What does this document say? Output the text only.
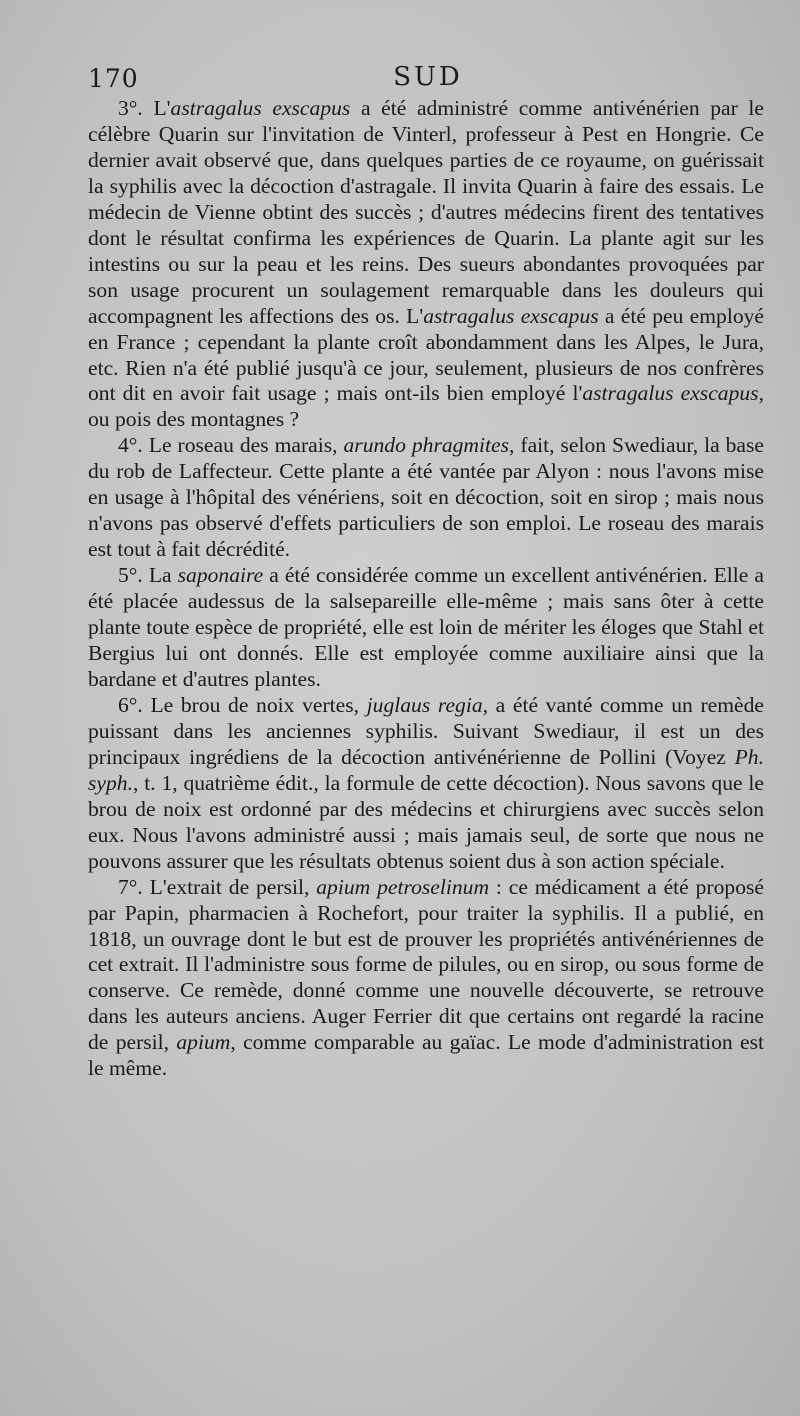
170	SUD

3°. L'astragalus exscapus a été administré comme antivénérien par le célèbre Quarin sur l'invitation de Vinterl, professeur à Pest en Hongrie. Ce dernier avait observé que, dans quelques parties de ce royaume, on guérissait la syphilis avec la décoction d'astragale. Il invita Quarin à faire des essais. Le médecin de Vienne obtint des succès ; d'autres médecins firent des tentatives dont le résultat confirma les expériences de Quarin. La plante agit sur les intestins ou sur la peau et les reins. Des sueurs abondantes provoquées par son usage procurent un soulagement remarquable dans les douleurs qui accompagnent les affections des os. L'astragalus exscapus a été peu employé en France ; cependant la plante croît abondamment dans les Alpes, le Jura, etc. Rien n'a été publié jusqu'à ce jour, seulement, plusieurs de nos confrères ont dit en avoir fait usage ; mais ont-ils bien employé l'astragalus exscapus, ou pois des montagnes ?

4°. Le roseau des marais, arundo phragmites, fait, selon Swediaur, la base du rob de Laffecteur. Cette plante a été vantée par Alyon : nous l'avons mise en usage à l'hôpital des vénériens, soit en décoction, soit en sirop ; mais nous n'avons pas observé d'effets particuliers de son emploi. Le roseau des marais est tout à fait décrédité.

5°. La saponaire a été considérée comme un excellent antivénérien. Elle a été placée audessus de la salsepareille elle-même ; mais sans ôter à cette plante toute espèce de propriété, elle est loin de mériter les éloges que Stahl et Bergius lui ont donnés. Elle est employée comme auxiliaire ainsi que la bardane et d'autres plantes.

6°. Le brou de noix vertes, juglaus regia, a été vanté comme un remède puissant dans les anciennes syphilis. Suivant Swediaur, il est un des principaux ingrédiens de la décoction antivénérienne de Pollini (Voyez Ph. syph., t. 1, quatrième édit., la formule de cette décoction). Nous savons que le brou de noix est ordonné par des médecins et chirurgiens avec succès selon eux. Nous l'avons administré aussi ; mais jamais seul, de sorte que nous ne pouvons assurer que les résultats obtenus soient dus à son action spéciale.

7°. L'extrait de persil, apium petroselinum : ce médicament a été proposé par Papin, pharmacien à Rochefort, pour traiter la syphilis. Il a publié, en 1818, un ouvrage dont le but est de prouver les propriétés antivénériennes de cet extrait. Il l'administre sous forme de pilules, ou en sirop, ou sous forme de conserve. Ce remède, donné comme une nouvelle découverte, se retrouve dans les auteurs anciens. Auger Ferrier dit que certains ont regardé la racine de persil, apium, comme comparable au gaïac. Le mode d'administration est le même.
